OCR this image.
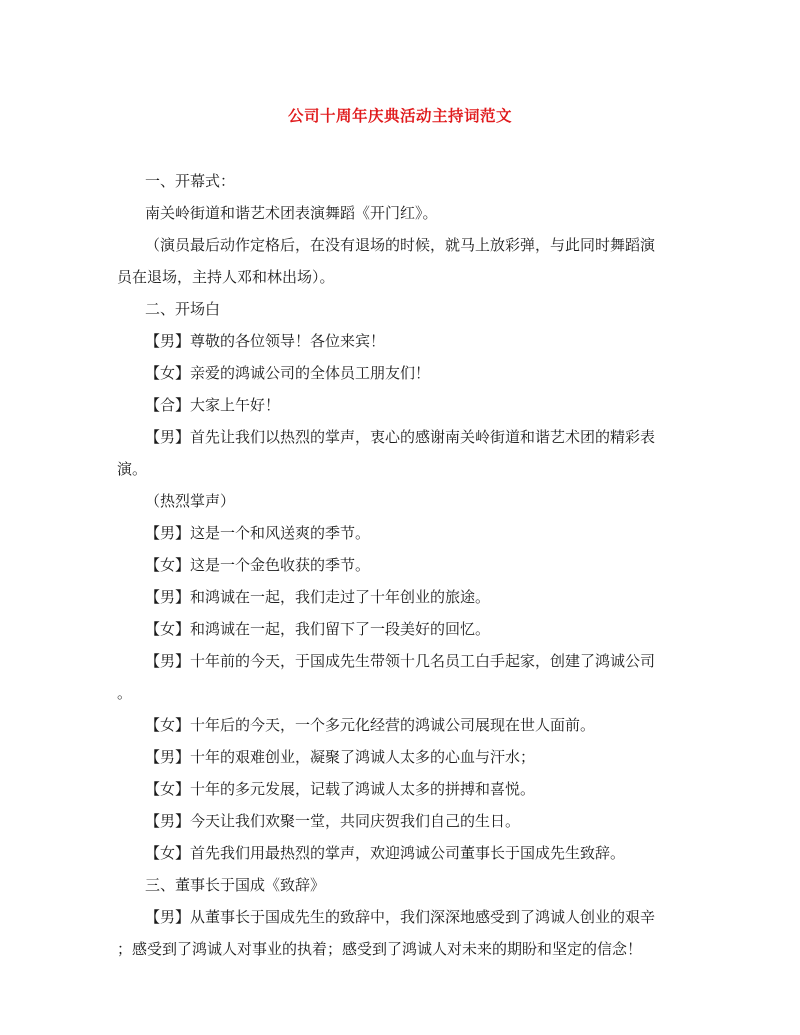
公司十周年庆典活动主持词范文
一、开幕式：
南关岭街道和谐艺术团表演舞蹈《开门红》。
（演员最后动作定格后，在没有退场的时候，就马上放彩弹，与此同时舞蹈演
员在退场，主持人邓和林出场）。
二、开场白
【男】尊敬的各位领导！各位来宾！
【女】亲爱的鸿诚公司的全体员工朋友们！
【合】大家上午好！
【男】首先让我们以热烈的掌声，衷心的感谢南关岭街道和谐艺术团的精彩表
演。
（热烈掌声）
【男】这是一个和风送爽的季节。
【女】这是一个金色收获的季节。
【男】和鸿诚在一起，我们走过了十年创业的旅途。
【女】和鸿诚在一起，我们留下了一段美好的回忆。
【男】十年前的今天，于国成先生带领十几名员工白手起家，创建了鸿诚公司
。
【女】十年后的今天，一个多元化经营的鸿诚公司展现在世人面前。
【男】十年的艰难创业，凝聚了鸿诚人太多的心血与汗水；
【女】十年的多元发展，记载了鸿诚人太多的拼搏和喜悦。
【男】今天让我们欢聚一堂，共同庆贺我们自己的生日。
【女】首先我们用最热烈的掌声，欢迎鸿诚公司董事长于国成先生致辞。
三、董事长于国成《致辞》
【男】从董事长于国成先生的致辞中，我们深深地感受到了鸿诚人创业的艰辛
；感受到了鸿诚人对事业的执着；感受到了鸿诚人对未来的期盼和坚定的信念！
